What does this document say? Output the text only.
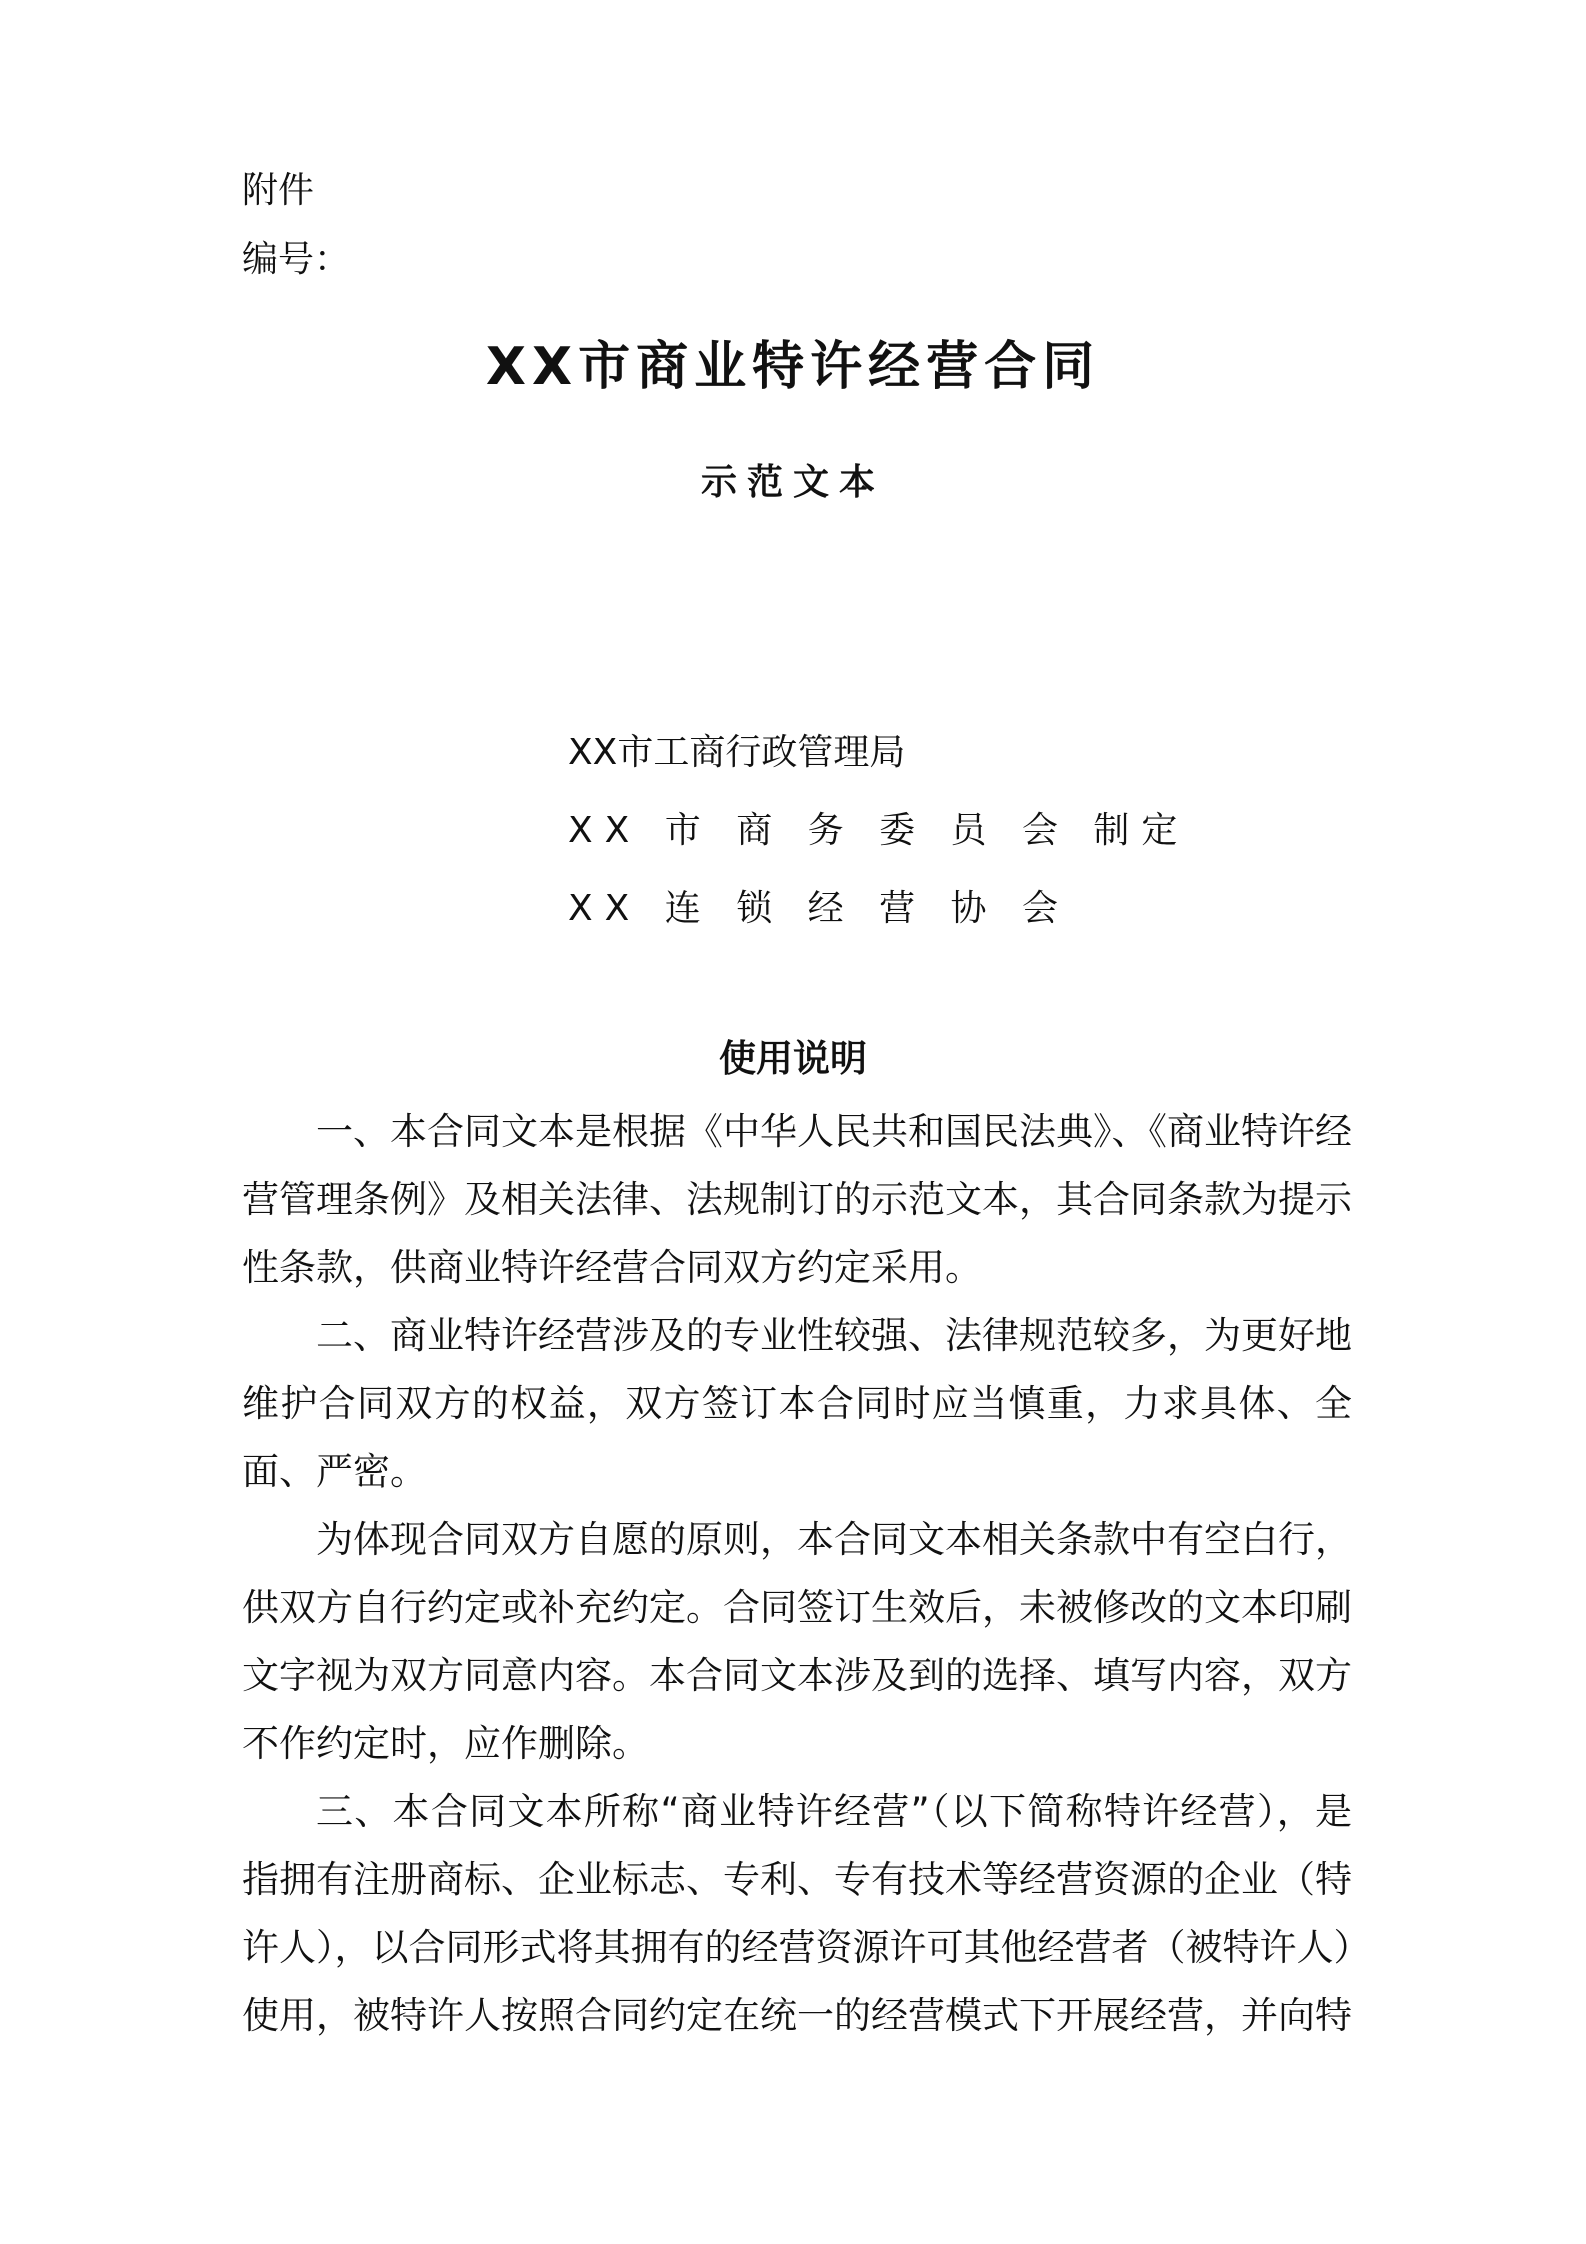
附件

编号：

XX市商业特许经营合同
示范文本
XX市工商行政管理局
XX 市 商 务 委 员 会 制定
XX 连 锁 经 营 协 会
使用说明

一、本合同文本是根据《中华人民共和国民法典》、《商业特许经营管理条例》及相关法律、法规制订的示范文本，其合同条款为提示性条款，供商业特许经营合同双方约定采用。

二、商业特许经营涉及的专业性较强、法律规范较多，为更好地维护合同双方的权益，双方签订本合同时应当慎重，力求具体、全面、严密。

为体现合同双方自愿的原则，本合同文本相关条款中有空白行，供双方自行约定或补充约定。合同签订生效后，未被修改的文本印刷文字视为双方同意内容。本合同文本涉及到的选择、填写内容，双方不作约定时，应作删除。

三、本合同文本所称“商业特许经营”（以下简称特许经营），是指拥有注册商标、企业标志、专利、专有技术等经营资源的企业（特许人），以合同形式将其拥有的经营资源许可其他经营者（被特许人）使用，被特许人按照合同约定在统一的经营模式下开展经营，并向特
